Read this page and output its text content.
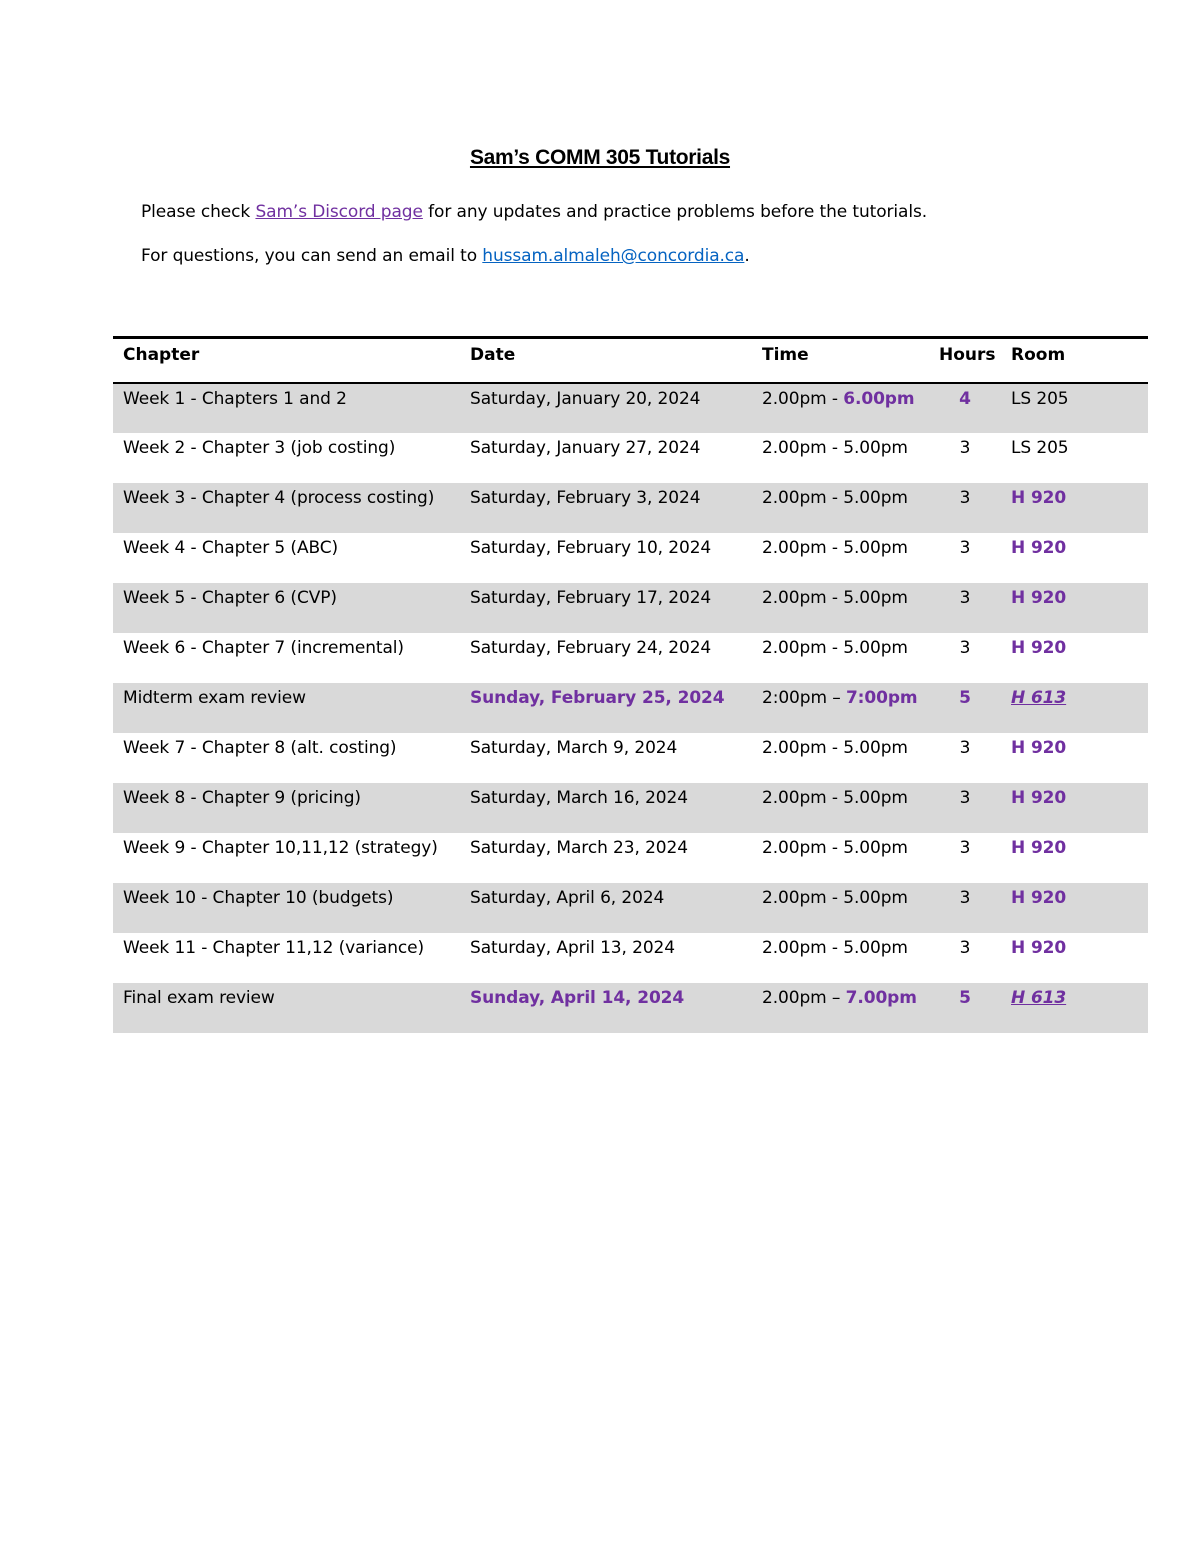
Sam’s COMM 305 Tutorials
Please check Sam’s Discord page for any updates and practice problems before the tutorials.
For questions, you can send an email to hussam.almaleh@concordia.ca.
Chapter	Date	Time	Hours	Room
Week 1 - Chapters 1 and 2	Saturday, January 20, 2024	2.00pm - 6.00pm	4	LS 205
Week 2 - Chapter 3 (job costing)	Saturday, January 27, 2024	2.00pm - 5.00pm	3	LS 205
Week 3 - Chapter 4 (process costing)	Saturday, February 3, 2024	2.00pm - 5.00pm	3	H 920
Week 4 - Chapter 5 (ABC)	Saturday, February 10, 2024	2.00pm - 5.00pm	3	H 920
Week 5 - Chapter 6 (CVP)	Saturday, February 17, 2024	2.00pm - 5.00pm	3	H 920
Week 6 - Chapter 7 (incremental)	Saturday, February 24, 2024	2.00pm - 5.00pm	3	H 920
Midterm exam review	Sunday, February 25, 2024	2:00pm – 7:00pm	5	H 613
Week 7 - Chapter 8 (alt. costing)	Saturday, March 9, 2024	2.00pm - 5.00pm	3	H 920
Week 8 - Chapter 9 (pricing)	Saturday, March 16, 2024	2.00pm - 5.00pm	3	H 920
Week 9 - Chapter 10,11,12 (strategy)	Saturday, March 23, 2024	2.00pm - 5.00pm	3	H 920
Week 10 - Chapter 10 (budgets)	Saturday, April 6, 2024	2.00pm - 5.00pm	3	H 920
Week 11 - Chapter 11,12 (variance)	Saturday, April 13, 2024	2.00pm - 5.00pm	3	H 920
Final exam review	Sunday, April 14, 2024	2.00pm – 7.00pm	5	H 613
